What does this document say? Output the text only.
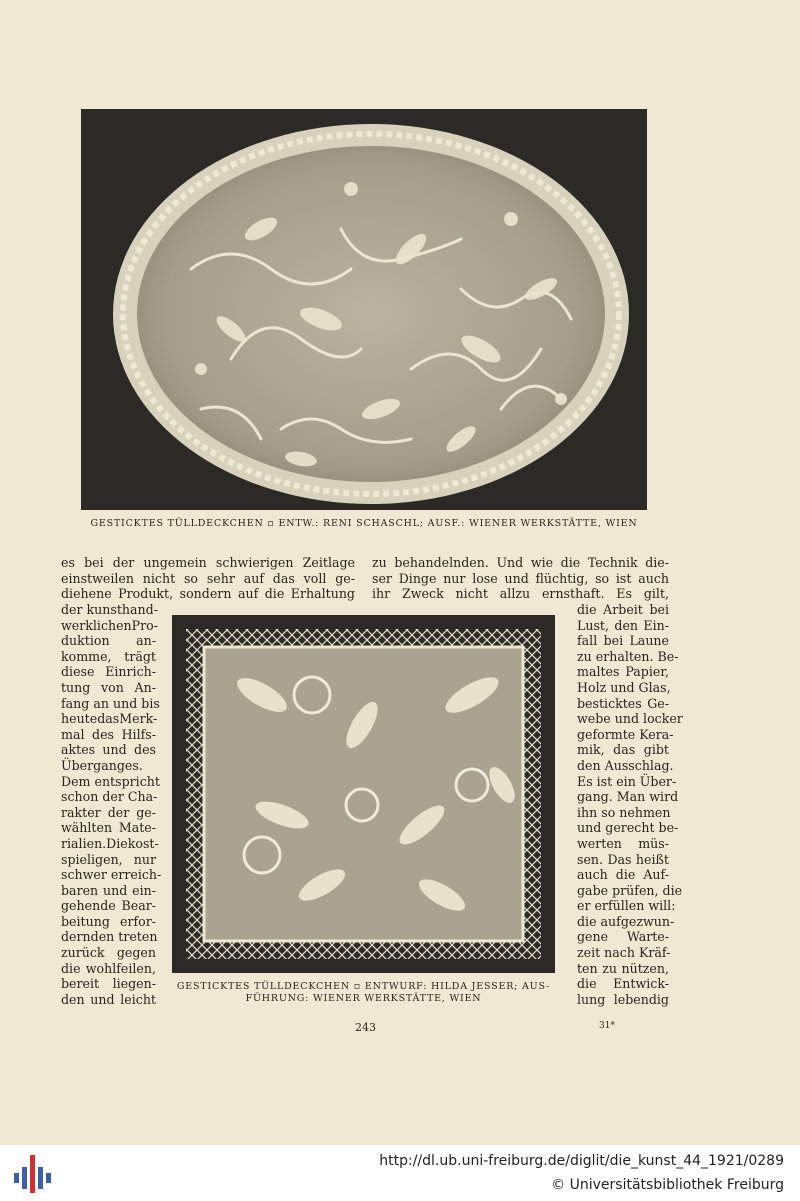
GESTICKTES TÜLLDECKCHEN ▫ ENTW.: RENI SCHASCHL; AUSF.: WIENER WERKSTÄTTE, WIEN
es bei der ungemein schwierigen Zeitlage
einstweilen nicht so sehr auf das voll ge-
diehene Produkt, sondern auf die Erhaltung
zu behandelnden. Und wie die Technik die-
ser Dinge nur lose und flüchtig, so ist auch
ihr Zweck nicht allzu ernsthaft. Es gilt,
der kunsthand-
werklichenPro-
duktion an-
komme, trägt
diese Einrich-
tung von An-
fang an und bis
heutedasMerk-
mal des Hilfs-
aktes und des
Überganges.
Dem entspricht
schon der Cha-
rakter der ge-
wählten Mate-
rialien.Diekost-
spieligen, nur
schwer erreich-
baren und ein-
gehende Bear-
beitung erfor-
dernden treten
zurück gegen
die wohlfeilen,
bereit liegen-
den und leicht
GESTICKTES TÜLLDECKCHEN ▫ ENTWURF: HILDA JESSER; AUS-
FÜHRUNG: WIENER WERKSTÄTTE, WIEN
die Arbeit bei
Lust, den Ein-
fall bei Laune
zu erhalten. Be-
maltes Papier,
Holz und Glas,
besticktes Ge-
webe und locker
geformte Kera-
mik, das gibt
den Ausschlag.
Es ist ein Über-
gang. Man wird
ihn so nehmen
und gerecht be-
werten müs-
sen. Das heißt
auch die Auf-
gabe prüfen, die
er erfüllen will:
die aufgezwun-
gene Warte-
zeit nach Kräf-
ten zu nützen,
die Entwick-
lung lebendig
243	31*
http://dl.ub.uni-freiburg.de/diglit/die_kunst_44_1921/0289
© Universitätsbibliothek Freiburg
